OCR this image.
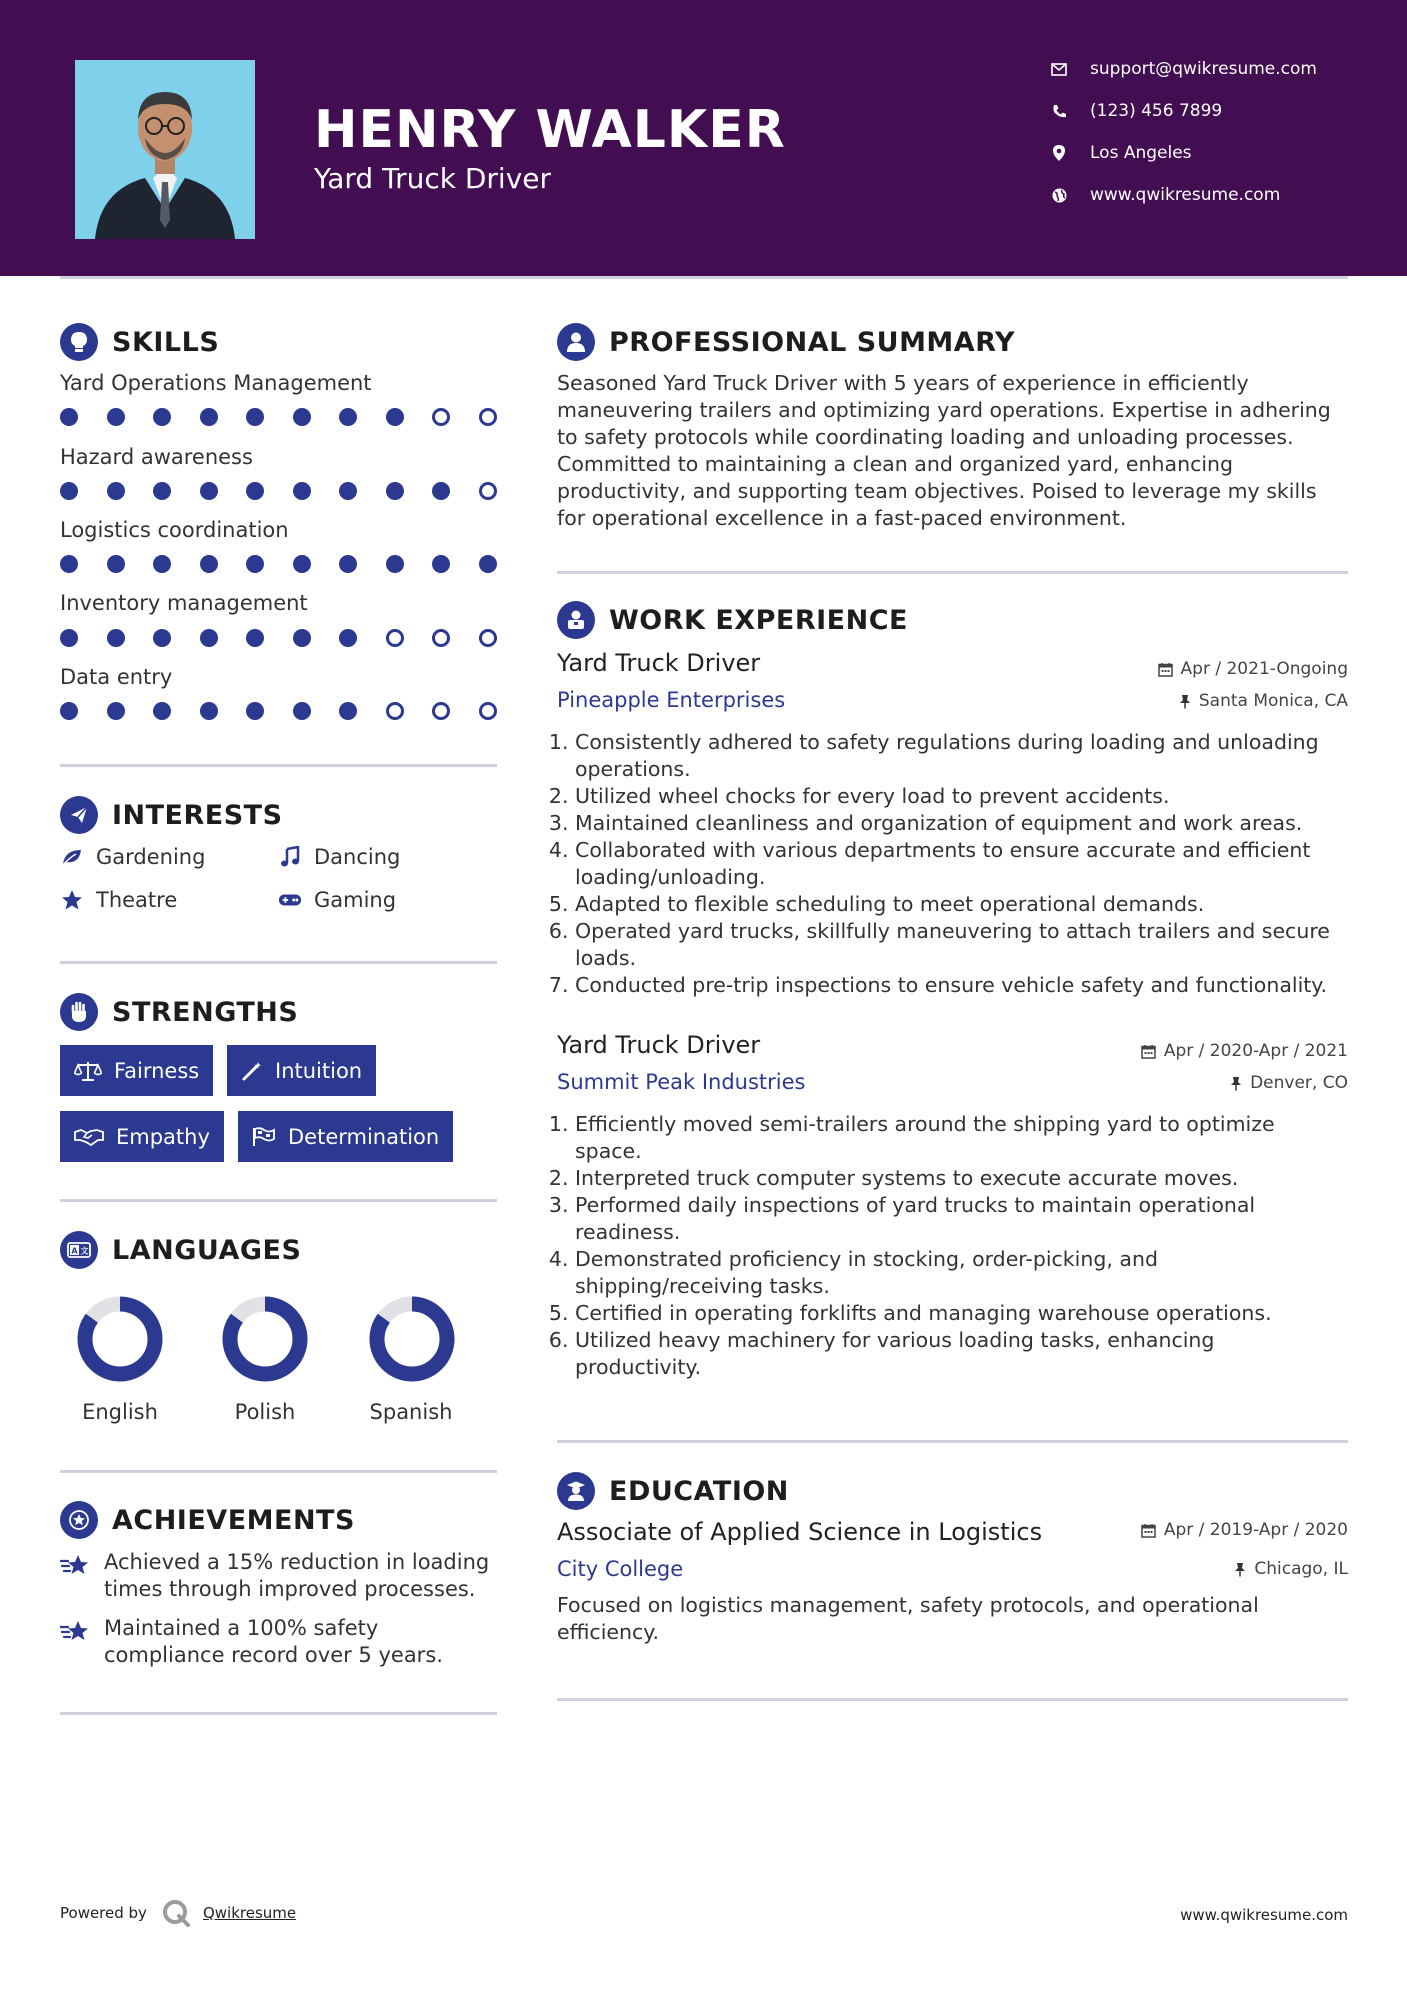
HENRY WALKER
Yard Truck Driver
support@qwikresume.com
(123) 456 7899
Los Angeles
www.qwikresume.com
SKILLS
Yard Operations Management
Hazard awareness
Logistics coordination
Inventory management
Data entry
INTERESTS
Gardening	Dancing
Theatre	Gaming
STRENGTHS
Fairness	Intuition
Empathy	Determination
A 文 LANGUAGES
English	Polish	Spanish
ACHIEVEMENTS
Achieved a 15% reduction in loading times through improved processes.
Maintained a 100% safety compliance record over 5 years.
PROFESSIONAL SUMMARY
Seasoned Yard Truck Driver with 5 years of experience in efficiently maneuvering trailers and optimizing yard operations. Expertise in adhering to safety protocols while coordinating loading and unloading processes. Committed to maintaining a clean and organized yard, enhancing productivity, and supporting team objectives. Poised to leverage my skills for operational excellence in a fast-paced environment.
WORK EXPERIENCE
Yard Truck Driver
Pineapple Enterprises
Apr / 2021-Ongoing
Santa Monica, CA
1. Consistently adhered to safety regulations during loading and unloading operations.
2. Utilized wheel chocks for every load to prevent accidents.
3. Maintained cleanliness and organization of equipment and work areas.
4. Collaborated with various departments to ensure accurate and efficient loading/unloading.
5. Adapted to flexible scheduling to meet operational demands.
6. Operated yard trucks, skillfully maneuvering to attach trailers and secure loads.
7. Conducted pre-trip inspections to ensure vehicle safety and functionality.
Yard Truck Driver
Summit Peak Industries
Apr / 2020-Apr / 2021
Denver, CO
1. Efficiently moved semi-trailers around the shipping yard to optimize space.
2. Interpreted truck computer systems to execute accurate moves.
3. Performed daily inspections of yard trucks to maintain operational readiness.
4. Demonstrated proficiency in stocking, order-picking, and shipping/receiving tasks.
5. Certified in operating forklifts and managing warehouse operations.
6. Utilized heavy machinery for various loading tasks, enhancing productivity.
EDUCATION
Associate of Applied Science in Logistics
City College
Apr / 2019-Apr / 2020
Chicago, IL
Focused on logistics management, safety protocols, and operational efficiency.
Powered by	Qwikresume	www.qwikresume.com
